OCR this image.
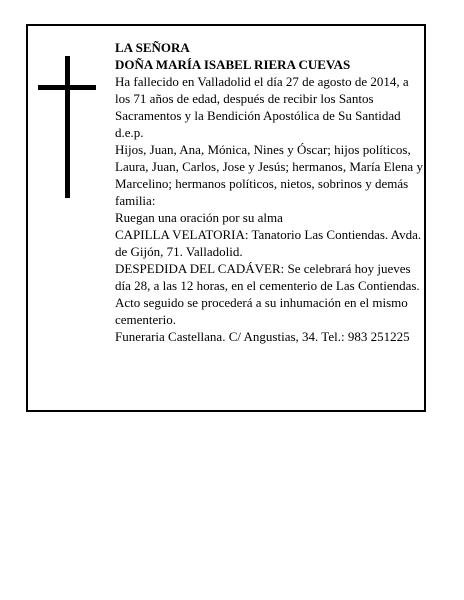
LA SEÑORA

DOÑA MARÍA ISABEL RIERA CUEVAS

Ha fallecido en Valladolid el día 27 de agosto de 2014, a los 71 años de edad, después de recibir los Santos Sacramentos y la Bendición Apostólica de Su Santidad d.e.p.

Hijos, Juan, Ana, Mónica, Nines y Óscar; hijos políticos, Laura, Juan, Carlos, Jose y Jesús; hermanos, María Elena y Marcelino; hermanos políticos, nietos, sobrinos y demás familia:

Ruegan una oración por su alma

CAPILLA VELATORIA: Tanatorio Las Contiendas. Avda. de Gijón, 71. Valladolid.

DESPEDIDA DEL CADÁVER: Se celebrará hoy jueves día 28, a las 12 horas, en el cementerio de Las Contiendas. Acto seguido se procederá a su inhumación en el mismo cementerio.

Funeraria Castellana. C/ Angustias, 34. Tel.: 983 251225
